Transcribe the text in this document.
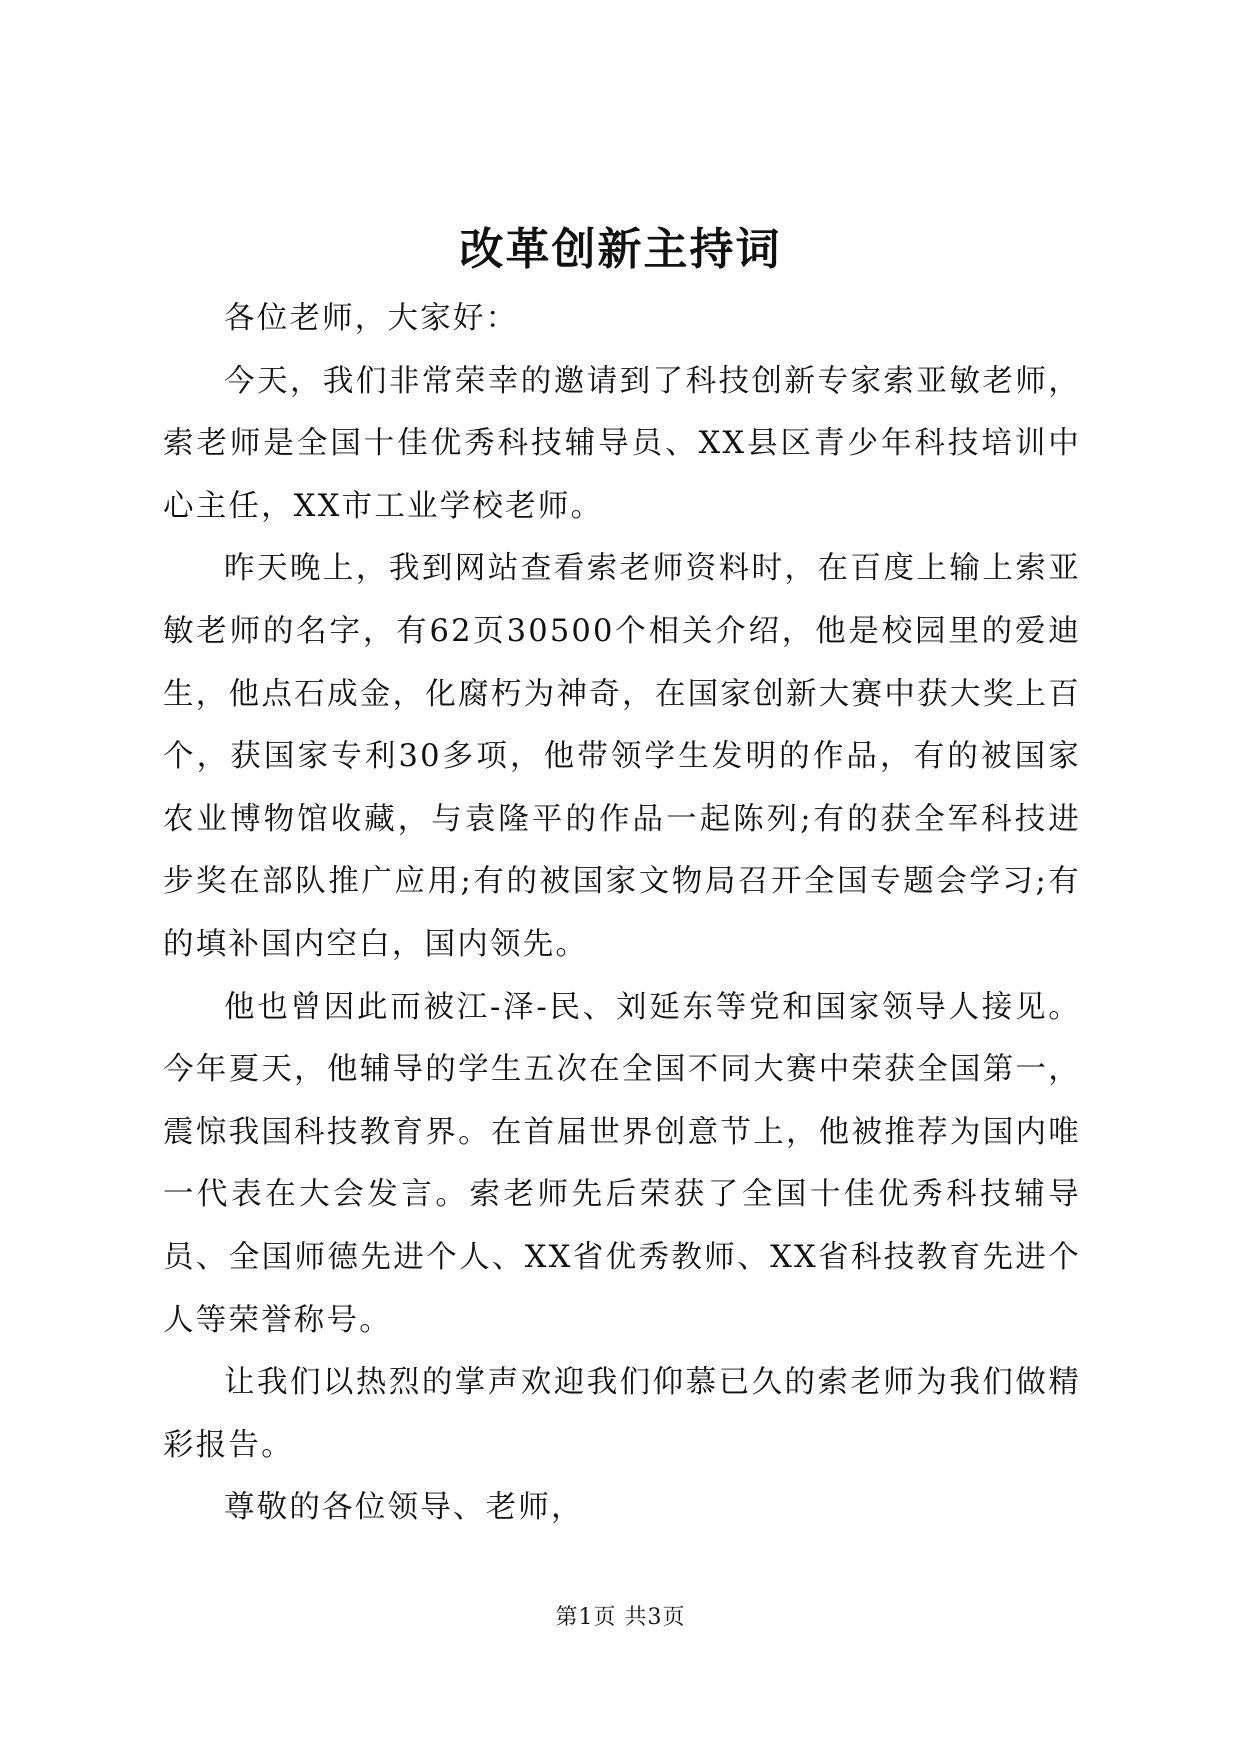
改革创新主持词

各位老师，大家好：

今天，我们非常荣幸的邀请到了科技创新专家索亚敏老师，索老师是全国十佳优秀科技辅导员、XX县区青少年科技培训中心主任，XX市工业学校老师。

昨天晚上，我到网站查看索老师资料时，在百度上输上索亚敏老师的名字，有62页30500个相关介绍，他是校园里的爱迪生，他点石成金，化腐朽为神奇，在国家创新大赛中获大奖上百个，获国家专利30多项，他带领学生发明的作品，有的被国家农业博物馆收藏，与袁隆平的作品一起陈列;有的获全军科技进步奖在部队推广应用;有的被国家文物局召开全国专题会学习;有的填补国内空白，国内领先。

他也曾因此而被江-泽-民、刘延东等党和国家领导人接见。今年夏天，他辅导的学生五次在全国不同大赛中荣获全国第一，震惊我国科技教育界。在首届世界创意节上，他被推荐为国内唯一代表在大会发言。索老师先后荣获了全国十佳优秀科技辅导员、全国师德先进个人、XX省优秀教师、XX省科技教育先进个人等荣誉称号。

让我们以热烈的掌声欢迎我们仰慕已久的索老师为我们做精彩报告。

尊敬的各位领导、老师，

第1页 共3页
